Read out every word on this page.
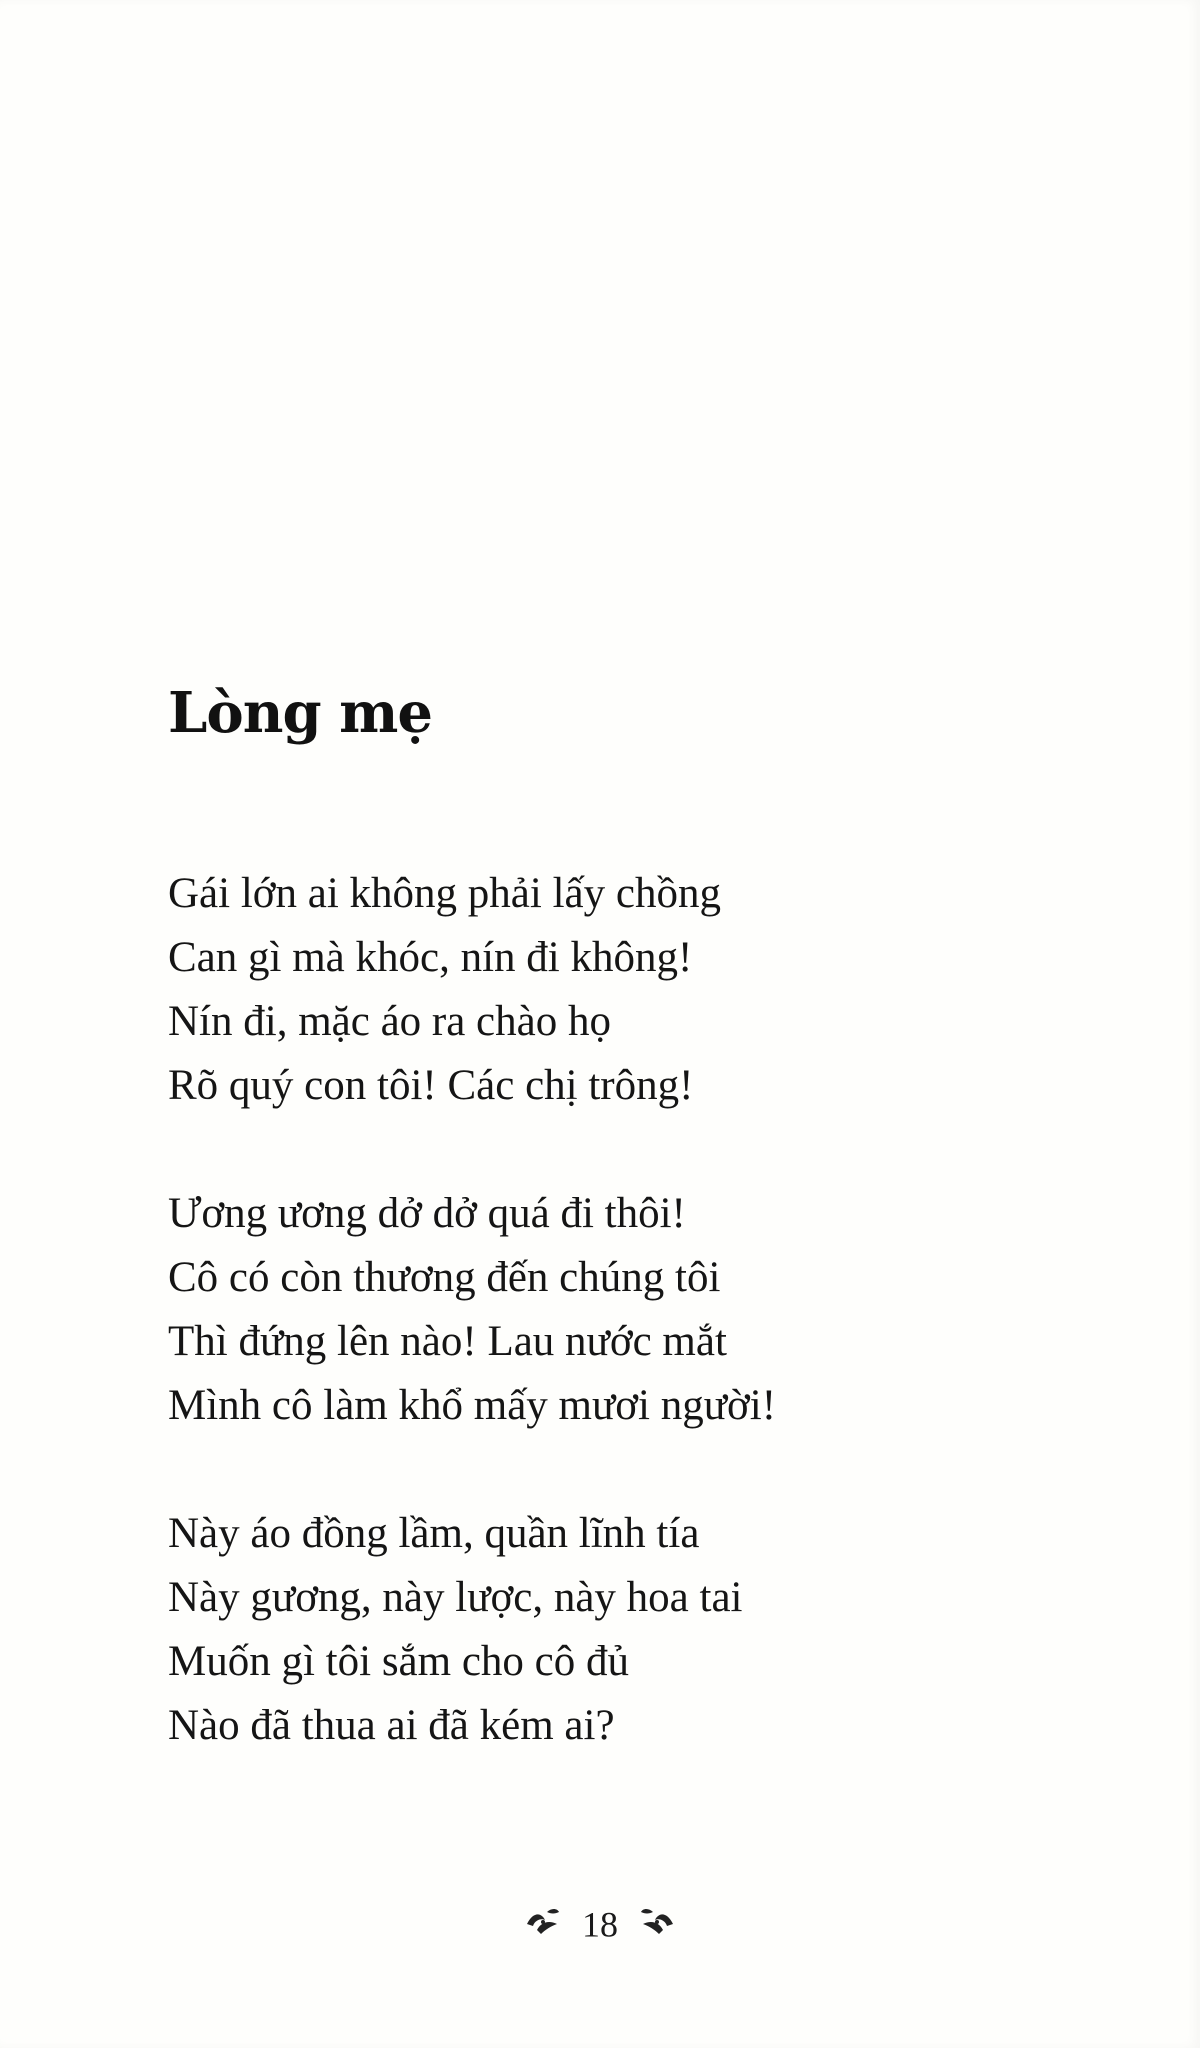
Lòng mẹ
Gái lớn ai không phải lấy chồng
Can gì mà khóc, nín đi không!
Nín đi, mặc áo ra chào họ
Rõ quý con tôi! Các chị trông!
Ương ương dở dở quá đi thôi!
Cô có còn thương đến chúng tôi
Thì đứng lên nào! Lau nước mắt
Mình cô làm khổ mấy mươi người!
Này áo đồng lầm, quần lĩnh tía
Này gương, này lược, này hoa tai
Muốn gì tôi sắm cho cô đủ
Nào đã thua ai đã kém ai?
18
